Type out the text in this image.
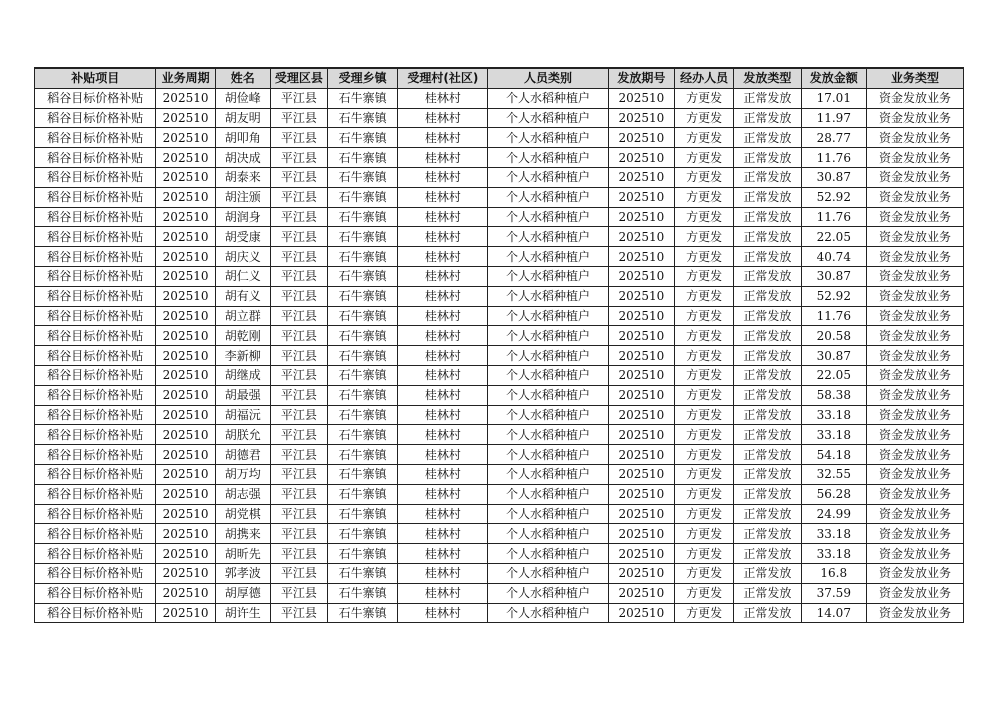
补贴项目	业务周期	姓名	受理区县	受理乡镇	受理村(社区)	人员类别	发放期号	经办人员	发放类型	发放金额	业务类型
稻谷目标价格补贴	202510	胡俭峰	平江县	石牛寨镇	桂林村	个人水稻种植户	202510	方更发	正常发放	17.01	资金发放业务
稻谷目标价格补贴	202510	胡友明	平江县	石牛寨镇	桂林村	个人水稻种植户	202510	方更发	正常发放	11.97	资金发放业务
稻谷目标价格补贴	202510	胡叩角	平江县	石牛寨镇	桂林村	个人水稻种植户	202510	方更发	正常发放	28.77	资金发放业务
稻谷目标价格补贴	202510	胡决成	平江县	石牛寨镇	桂林村	个人水稻种植户	202510	方更发	正常发放	11.76	资金发放业务
稻谷目标价格补贴	202510	胡泰来	平江县	石牛寨镇	桂林村	个人水稻种植户	202510	方更发	正常发放	30.87	资金发放业务
稻谷目标价格补贴	202510	胡注颁	平江县	石牛寨镇	桂林村	个人水稻种植户	202510	方更发	正常发放	52.92	资金发放业务
稻谷目标价格补贴	202510	胡润身	平江县	石牛寨镇	桂林村	个人水稻种植户	202510	方更发	正常发放	11.76	资金发放业务
稻谷目标价格补贴	202510	胡受康	平江县	石牛寨镇	桂林村	个人水稻种植户	202510	方更发	正常发放	22.05	资金发放业务
稻谷目标价格补贴	202510	胡庆义	平江县	石牛寨镇	桂林村	个人水稻种植户	202510	方更发	正常发放	40.74	资金发放业务
稻谷目标价格补贴	202510	胡仁义	平江县	石牛寨镇	桂林村	个人水稻种植户	202510	方更发	正常发放	30.87	资金发放业务
稻谷目标价格补贴	202510	胡有义	平江县	石牛寨镇	桂林村	个人水稻种植户	202510	方更发	正常发放	52.92	资金发放业务
稻谷目标价格补贴	202510	胡立群	平江县	石牛寨镇	桂林村	个人水稻种植户	202510	方更发	正常发放	11.76	资金发放业务
稻谷目标价格补贴	202510	胡乾刚	平江县	石牛寨镇	桂林村	个人水稻种植户	202510	方更发	正常发放	20.58	资金发放业务
稻谷目标价格补贴	202510	李新柳	平江县	石牛寨镇	桂林村	个人水稻种植户	202510	方更发	正常发放	30.87	资金发放业务
稻谷目标价格补贴	202510	胡继成	平江县	石牛寨镇	桂林村	个人水稻种植户	202510	方更发	正常发放	22.05	资金发放业务
稻谷目标价格补贴	202510	胡最强	平江县	石牛寨镇	桂林村	个人水稻种植户	202510	方更发	正常发放	58.38	资金发放业务
稻谷目标价格补贴	202510	胡福沅	平江县	石牛寨镇	桂林村	个人水稻种植户	202510	方更发	正常发放	33.18	资金发放业务
稻谷目标价格补贴	202510	胡朕允	平江县	石牛寨镇	桂林村	个人水稻种植户	202510	方更发	正常发放	33.18	资金发放业务
稻谷目标价格补贴	202510	胡德君	平江县	石牛寨镇	桂林村	个人水稻种植户	202510	方更发	正常发放	54.18	资金发放业务
稻谷目标价格补贴	202510	胡万均	平江县	石牛寨镇	桂林村	个人水稻种植户	202510	方更发	正常发放	32.55	资金发放业务
稻谷目标价格补贴	202510	胡志强	平江县	石牛寨镇	桂林村	个人水稻种植户	202510	方更发	正常发放	56.28	资金发放业务
稻谷目标价格补贴	202510	胡党棋	平江县	石牛寨镇	桂林村	个人水稻种植户	202510	方更发	正常发放	24.99	资金发放业务
稻谷目标价格补贴	202510	胡携来	平江县	石牛寨镇	桂林村	个人水稻种植户	202510	方更发	正常发放	33.18	资金发放业务
稻谷目标价格补贴	202510	胡昕先	平江县	石牛寨镇	桂林村	个人水稻种植户	202510	方更发	正常发放	33.18	资金发放业务
稻谷目标价格补贴	202510	郭孝波	平江县	石牛寨镇	桂林村	个人水稻种植户	202510	方更发	正常发放	16.8	资金发放业务
稻谷目标价格补贴	202510	胡厚德	平江县	石牛寨镇	桂林村	个人水稻种植户	202510	方更发	正常发放	37.59	资金发放业务
稻谷目标价格补贴	202510	胡许生	平江县	石牛寨镇	桂林村	个人水稻种植户	202510	方更发	正常发放	14.07	资金发放业务
